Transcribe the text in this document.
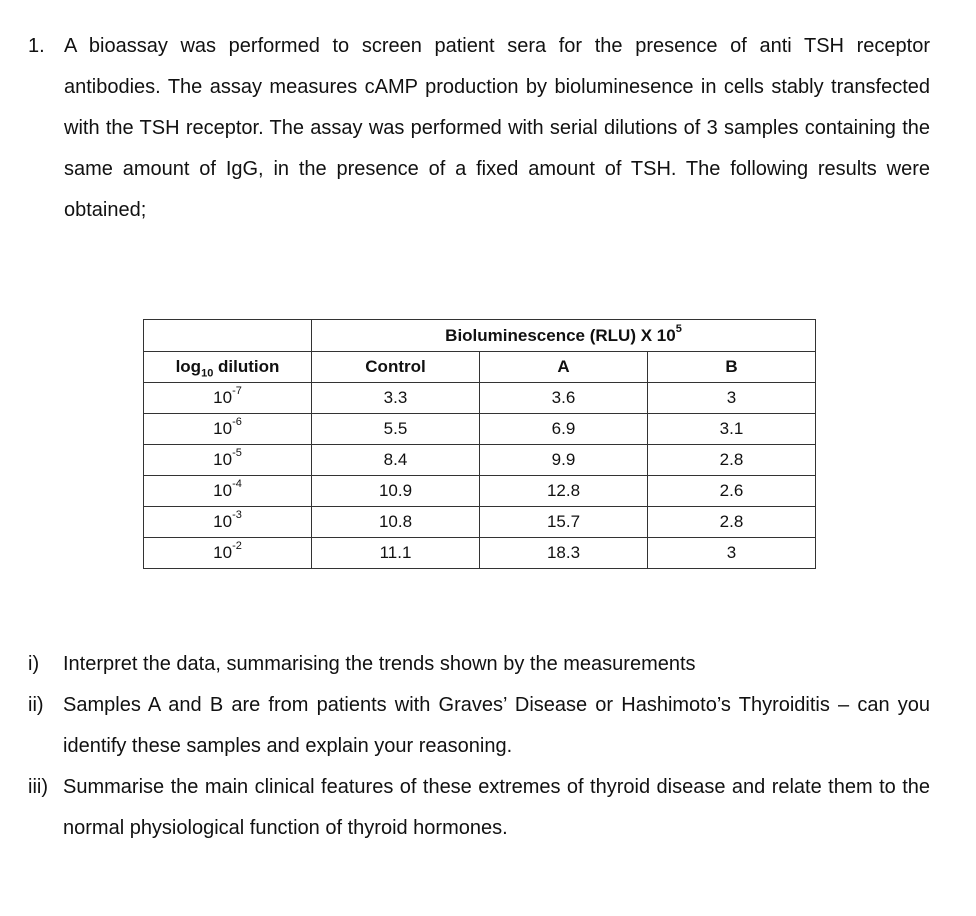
1. A bioassay was performed to screen patient sera for the presence of anti TSH receptor antibodies. The assay measures cAMP production by bioluminesence in cells stably transfected with the TSH receptor. The assay was performed with serial dilutions of 3 samples containing the same amount of IgG, in the presence of a fixed amount of TSH. The following results were obtained;
	Bioluminescence (RLU) X $10^5$
$\log_{10}$ dilution	Control	A	B
$10^{-7}$	3.3	3.6	3
$10^{-6}$	5.5	6.9	3.1
$10^{-5}$	8.4	9.9	2.8
$10^{-4}$	10.9	12.8	2.6
$10^{-3}$	10.8	15.7	2.8
$10^{-2}$	11.1	18.3	3
i) Interpret the data, summarising the trends shown by the measurements
ii) Samples A and B are from patients with Graves’ Disease or Hashimoto’s Thyroiditis – can you identify these samples and explain your reasoning.
iii) Summarise the main clinical features of these extremes of thyroid disease and relate them to the normal physiological function of thyroid hormones.
